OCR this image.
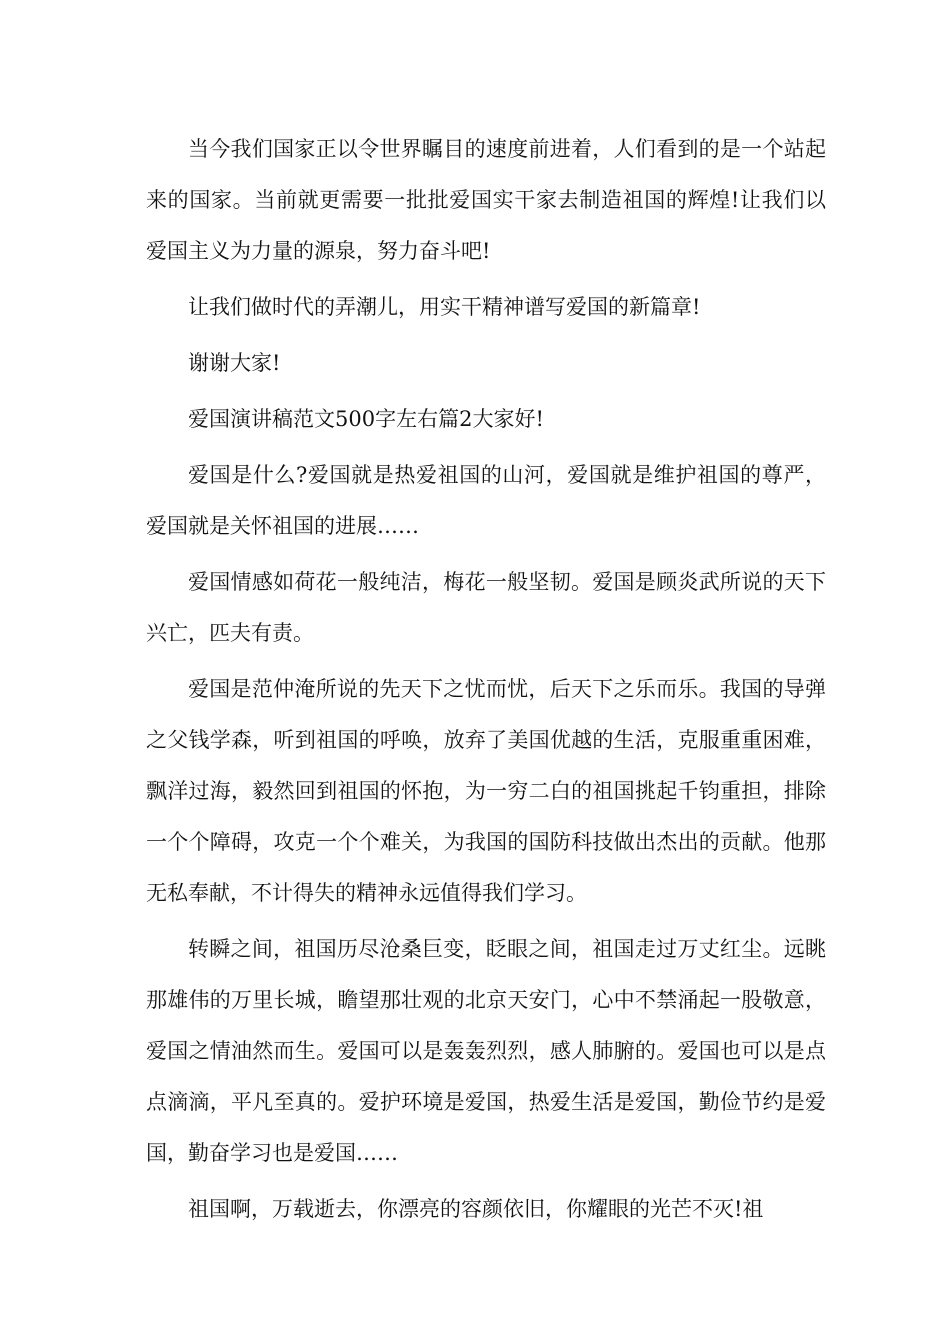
当今我们国家正以令世界瞩目的速度前进着，人们看到的是一个站起来的国家。当前就更需要一批批爱国实干家去制造祖国的辉煌!让我们以爱国主义为力量的源泉，努力奋斗吧!

让我们做时代的弄潮儿，用实干精神谱写爱国的新篇章!

谢谢大家!

爱国演讲稿范文500字左右篇2大家好!

爱国是什么?爱国就是热爱祖国的山河，爱国就是维护祖国的尊严，爱国就是关怀祖国的进展……

爱国情感如荷花一般纯洁，梅花一般坚韧。爱国是顾炎武所说的天下兴亡，匹夫有责。

爱国是范仲淹所说的先天下之忧而忧，后天下之乐而乐。我国的导弹之父钱学森，听到祖国的呼唤，放弃了美国优越的生活，克服重重困难，飘洋过海，毅然回到祖国的怀抱，为一穷二白的祖国挑起千钧重担，排除一个个障碍，攻克一个个难关，为我国的国防科技做出杰出的贡献。他那无私奉献，不计得失的精神永远值得我们学习。

转瞬之间，祖国历尽沧桑巨变，眨眼之间，祖国走过万丈红尘。远眺那雄伟的万里长城，瞻望那壮观的北京天安门，心中不禁涌起一股敬意，爱国之情油然而生。爱国可以是轰轰烈烈，感人肺腑的。爱国也可以是点点滴滴，平凡至真的。爱护环境是爱国，热爱生活是爱国，勤俭节约是爱国，勤奋学习也是爱国……

祖国啊，万载逝去，你漂亮的容颜依旧，你耀眼的光芒不灭!祖
